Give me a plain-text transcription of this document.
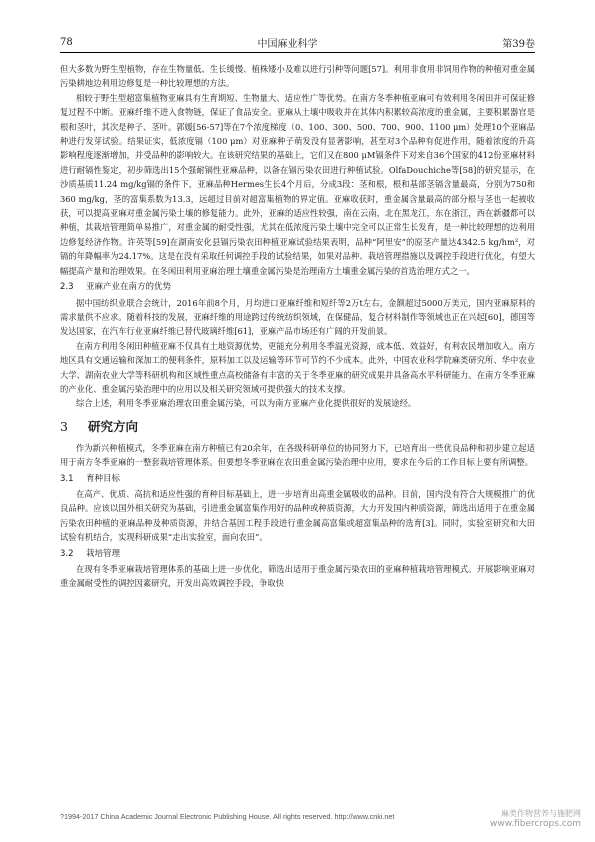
78	中国麻业科学	第39卷

但大多数为野生型植物，存在生物量低、生长缓慢、植株矮小及难以进行引种等问题[57]。利用非食用非饲用作物的种植对重金属污染耕地边利用边修复是一种比较理想的方法。

相较于野生型超富集植物亚麻具有生育期短、生物量大、适应性广等优势。在南方冬季种植亚麻可有效利用冬闲田并可保证修复过程不中断。亚麻纤维不进入食物链，保证了食品安全。亚麻从土壤中吸收并在其体内积累较高浓度的重金属，主要积累器官是根和茎叶，其次是种子、茎叶。郭媛[56-57]等在7个浓度梯度（0、100、300、500、700、900、1100 μm）处理10个亚麻品种进行发芽试验。结果证实，低浓度镉（100 μm）对亚麻种子萌发没有显著影响，甚至对3个品种有促进作用，随着浓度的升高影响程度逐渐增加，并受品种的影响较大。在该研究结果的基础上，它们又在800 μM镉条件下对来自36个国家的412份亚麻材料进行耐镉性鉴定，初步筛选出15个强耐镉性亚麻品种，以备在镉污染农田进行种植试验。OlfaDouchiche等[58]的研究显示，在沙质基质11.24 mg/kg镉的条件下，亚麻品种Hermes生长4个月后，分成3段：茎和根，根和基部茎镉含量最高，分别为750和360 mg/kg，茎的富集系数为13.3，远超过目前对超富集植物的界定值。亚麻收获时，重金属含量最高的部分根与茎也一起被收获，可以提高亚麻对重金属污染土壤的修复能力。此外，亚麻的适应性较强，南在云南，北在黑龙江，东在浙江，西在新疆都可以种植，其栽培管理简单易推广，对重金属的耐受性强，尤其在低浓度污染土壤中完全可以正常生长发育，是一种比较理想的边利用边修复经济作物。许英等[59]在湖南安化县镉污染农田种植亚麻试验结果表明，品种“阿里安”的原茎产量达4342.5 kg/hm²，对镉的年降幅率为24.17%。这是在没有采取任何调控手段的试验结果，如果对品种、栽培管理措施以及调控手段进行优化，有望大幅提高产量和治理效果。在冬闲田利用亚麻治理土壤重金属污染是治理南方土壤重金属污染的首选治理方式之一。

2.3	亚麻产业在南方的优势

据中国纺织业联合会统计，2016年前8个月，月均进口亚麻纤维和短纤等2万t左右，金额超过5000万美元，国内亚麻原料的需求量供不应求。随着科技的发展，亚麻纤维的用途跨过传统纺织领域，在保健品，复合材料制作等领域也正在兴起[60]，德国等发达国家，在汽车行业亚麻纤维已替代玻璃纤维[61]，亚麻产品市场还有广阔的开发前景。

在南方利用冬闲田种植亚麻不仅具有土地资源优势，更能充分利用冬季温光资源，成本低、效益好，有利农民增加收入。南方地区具有交通运输和深加工的便利条件，原料加工以及运输等环节可节约不少成本。此外，中国农业科学院麻类研究所、华中农业大学、湖南农业大学等科研机构和区域性重点高校储备有丰富的关于冬季亚麻的研究成果并具备高水平科研能力。在南方冬季亚麻的产业化、重金属污染治理中的应用以及相关研究领域可提供强大的技术支撑。

综合上述，利用冬季亚麻治理农田重金属污染，可以为南方亚麻产业化提供很好的发展途经。

3	研究方向

作为新兴种植模式，冬季亚麻在南方种植已有20余年，在各级科研单位的协同努力下，已培育出一些优良品种和初步建立起适用于南方冬季亚麻的一整套栽培管理体系。但要想冬季亚麻在农田重金属污染治理中应用，要求在今后的工作目标上要有所调整。

3.1	育种目标

在高产、优质、高抗和适应性强的育种目标基础上，进一步培育出高重金属吸收的品种。目前，国内没有符合大规模推广的优良品种。应该以国外相关研究为基础，引进重金属富集作用好的品种或种质资源，大力开发国内种质资源，筛选出适用于在重金属污染农田种植的亚麻品种及种质资源，并结合基因工程手段进行重金属高富集或超富集品种的选育[3]。同时，实验室研究和大田试验有机结合，实现科研成果“走出实验室，面向农田”。

3.2	栽培管理

在现有冬季亚麻栽培管理体系的基础上进一步优化，筛选出适用于重金属污染农田的亚麻种植栽培管理模式。开展影响亚麻对重金属耐受性的调控因素研究，开发出高效调控手段，争取快

?1994-2017 China Academic Journal Electronic Publishing House. All rights reserved. http://www.cnki.net	麻类作物营养与施肥网
www.fibercrops.com
